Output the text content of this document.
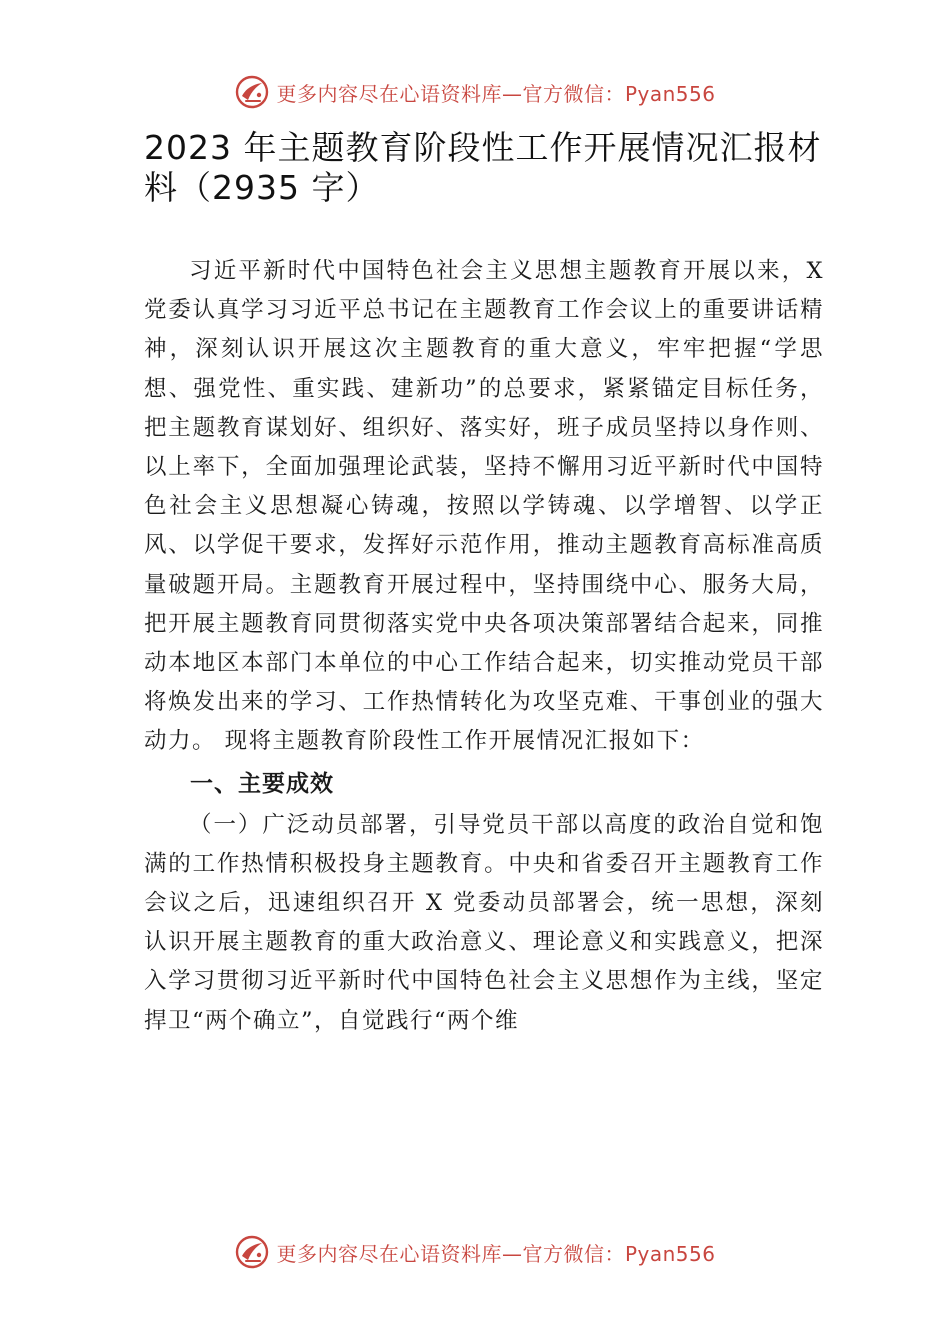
更多内容尽在心语资料库—官方微信：Pyan556
2023 年主题教育阶段性工作开展情况汇报材料（2935 字）

习近平新时代中国特色社会主义思想主题教育开展以来，X 党委认真学习习近平总书记在主题教育工作会议上的重要讲话精神，深刻认识开展这次主题教育的重大意义，牢牢把握“学思想、强党性、重实践、建新功”的总要求，紧紧锚定目标任务，把主题教育谋划好、组织好、落实好，班子成员坚持以身作则、以上率下，全面加强理论武装，坚持不懈用习近平新时代中国特色社会主义思想凝心铸魂，按照以学铸魂、以学增智、以学正风、以学促干要求，发挥好示范作用，推动主题教育高标准高质量破题开局。主题教育开展过程中，坚持围绕中心、服务大局，把开展主题教育同贯彻落实党中央各项决策部署结合起来，同推动本地区本部门本单位的中心工作结合起来，切实推动党员干部将焕发出来的学习、工作热情转化为攻坚克难、干事创业的强大动力。 现将主题教育阶段性工作开展情况汇报如下：

一、主要成效

（一）广泛动员部署，引导党员干部以高度的政治自觉和饱满的工作热情积极投身主题教育。中央和省委召开主题教育工作会议之后，迅速组织召开 X 党委动员部署会，统一思想，深刻认识开展主题教育的重大政治意义、理论意义和实践意义，把深入学习贯彻习近平新时代中国特色社会主义思想作为主线，坚定捍卫“两个确立”，自觉践行“两个维

更多内容尽在心语资料库—官方微信：Pyan556
